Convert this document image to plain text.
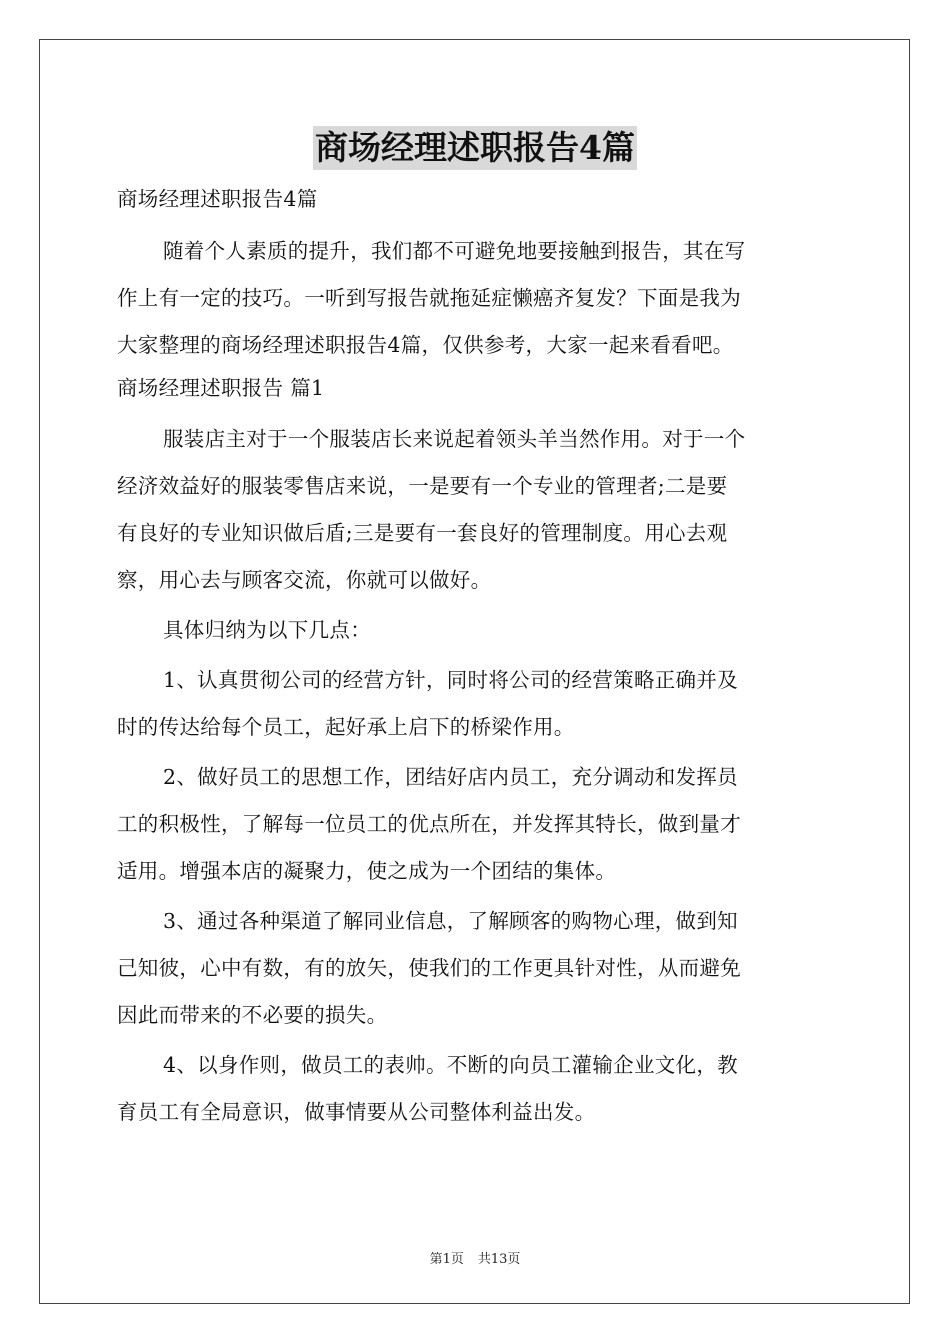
商场经理述职报告4篇
商场经理述职报告4篇
随着个人素质的提升，我们都不可避免地要接触到报告，其在写
作上有一定的技巧。一听到写报告就拖延症懒癌齐复发？下面是我为
大家整理的商场经理述职报告4篇，仅供参考，大家一起来看看吧。
商场经理述职报告 篇1
服装店主对于一个服装店长来说起着领头羊当然作用。对于一个
经济效益好的服装零售店来说，一是要有一个专业的管理者;二是要
有良好的专业知识做后盾;三是要有一套良好的管理制度。用心去观
察，用心去与顾客交流，你就可以做好。
具体归纳为以下几点：
1、认真贯彻公司的经营方针，同时将公司的经营策略正确并及
时的传达给每个员工，起好承上启下的桥梁作用。
2、做好员工的思想工作，团结好店内员工，充分调动和发挥员
工的积极性，了解每一位员工的优点所在，并发挥其特长，做到量才
适用。增强本店的凝聚力，使之成为一个团结的集体。
3、通过各种渠道了解同业信息，了解顾客的购物心理，做到知
己知彼，心中有数，有的放矢，使我们的工作更具针对性，从而避免
因此而带来的不必要的损失。
4、以身作则，做员工的表帅。不断的向员工灌输企业文化，教
育员工有全局意识，做事情要从公司整体利益出发。
第1页 共13页
